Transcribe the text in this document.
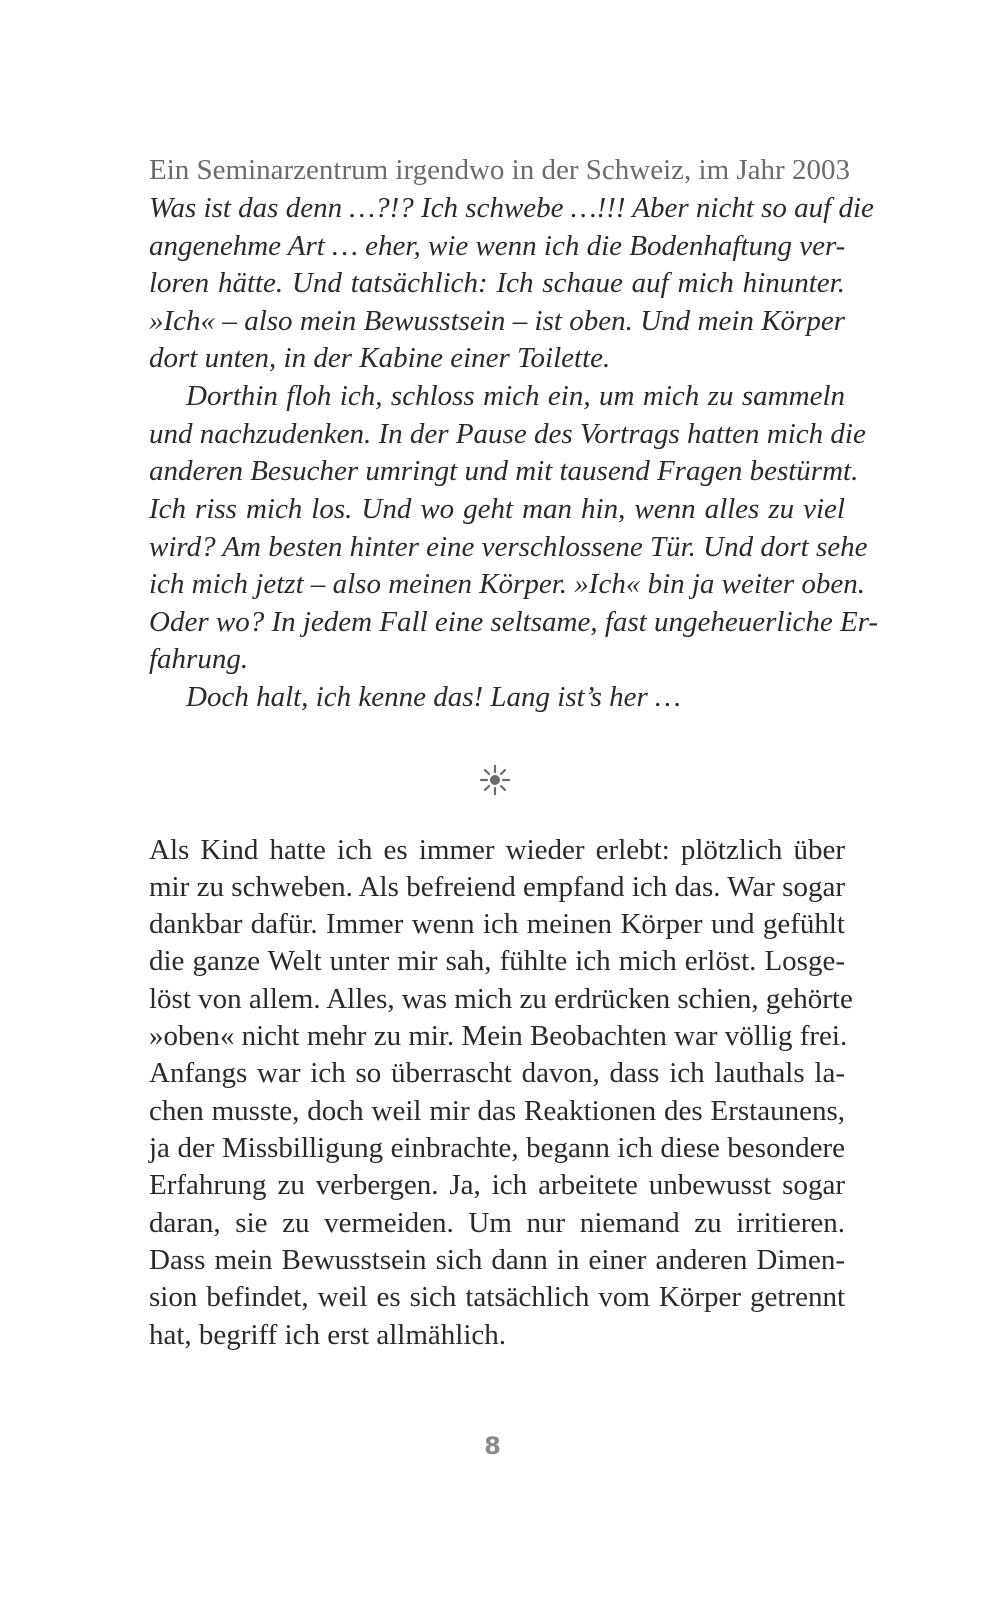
Ein Seminarzentrum irgendwo in der Schweiz, im Jahr 2003

Was ist das denn …?!? Ich schwebe …!!! Aber nicht so auf die

angenehme Art … eher, wie wenn ich die Bodenhaftung ver-

loren hätte. Und tatsächlich: Ich schaue auf mich hinunter.

»Ich« – also mein Bewusstsein – ist oben. Und mein Körper

dort unten, in der Kabine einer Toilette.

Dorthin floh ich, schloss mich ein, um mich zu sammeln

und nachzudenken. In der Pause des Vortrags hatten mich die

anderen Besucher umringt und mit tausend Fragen bestürmt.

Ich riss mich los. Und wo geht man hin, wenn alles zu viel

wird? Am besten hinter eine verschlossene Tür. Und dort sehe

ich mich jetzt – also meinen Körper. »Ich« bin ja weiter oben.

Oder wo? In jedem Fall eine seltsame, fast ungeheuerliche Er-

fahrung.

Doch halt, ich kenne das! Lang ist’s her …

Als Kind hatte ich es immer wieder erlebt: plötzlich über

mir zu schweben. Als befreiend empfand ich das. War sogar

dankbar dafür. Immer wenn ich meinen Körper und gefühlt

die ganze Welt unter mir sah, fühlte ich mich erlöst. Losge-

löst von allem. Alles, was mich zu erdrücken schien, gehörte

»oben« nicht mehr zu mir. Mein Beobachten war völlig frei.

Anfangs war ich so überrascht davon, dass ich lauthals la-

chen musste, doch weil mir das Reaktionen des Erstaunens,

ja der Missbilligung einbrachte, begann ich diese besondere

Erfahrung zu verbergen. Ja, ich arbeitete unbewusst sogar

daran, sie zu vermeiden. Um nur niemand zu irritieren.

Dass mein Bewusstsein sich dann in einer anderen Dimen-

sion befindet, weil es sich tatsächlich vom Körper getrennt

hat, begriff ich erst allmählich.

8
